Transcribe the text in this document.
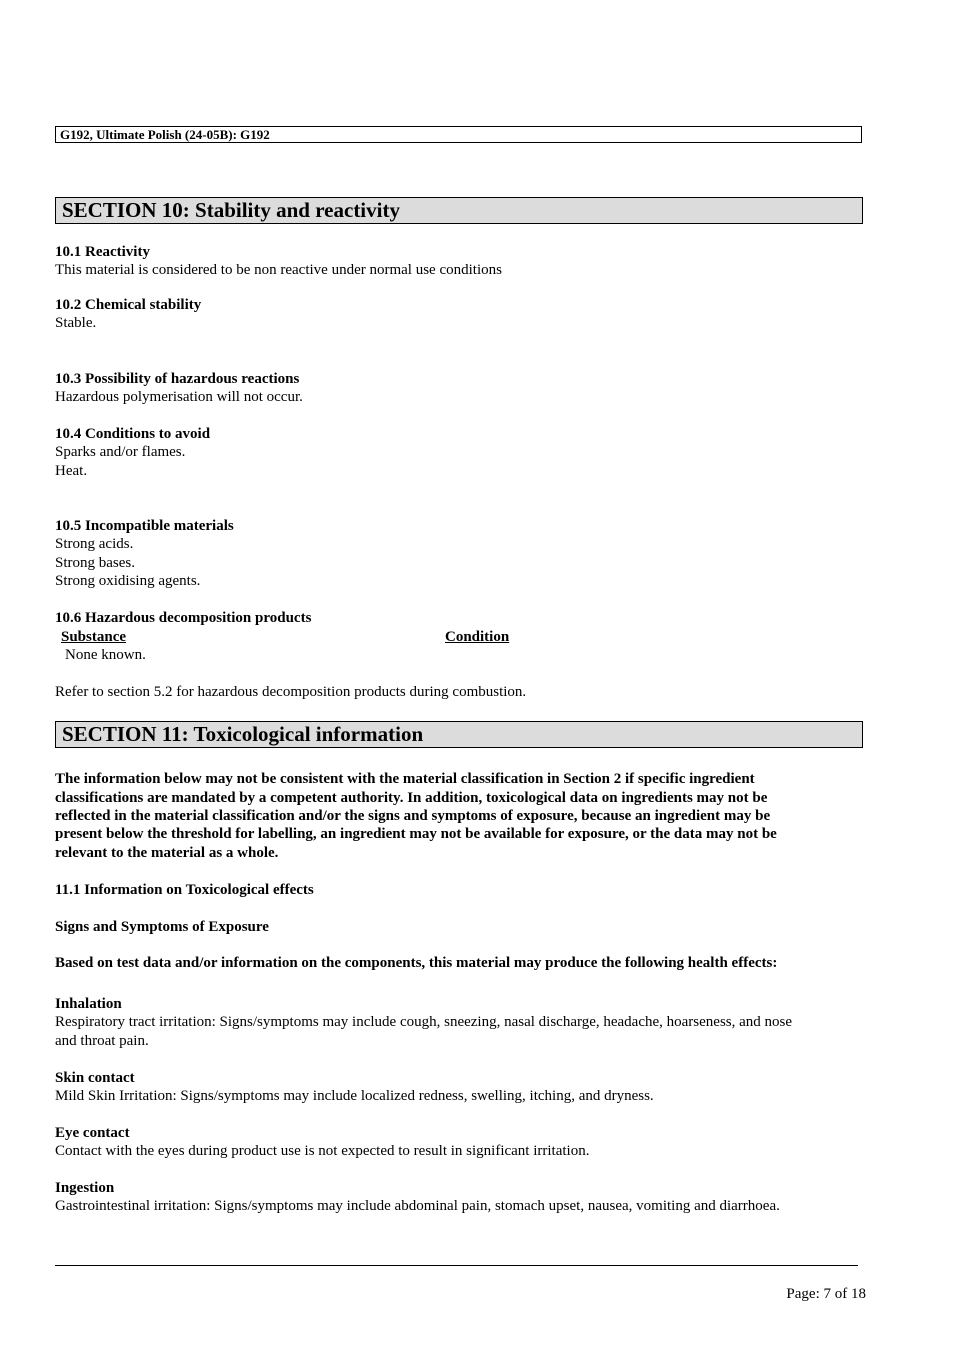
G192, Ultimate Polish (24-05B): G192
SECTION 10: Stability and reactivity
10.1 Reactivity
This material is considered to be non reactive under normal use conditions
10.2 Chemical stability
Stable.
10.3 Possibility of hazardous reactions
Hazardous polymerisation will not occur.
10.4 Conditions to avoid
Sparks and/or flames.
Heat.
10.5 Incompatible materials
Strong acids.
Strong bases.
Strong oxidising agents.
10.6 Hazardous decomposition products
Substance	Condition
None known.
Refer to section 5.2 for hazardous decomposition products during combustion.
SECTION 11: Toxicological information
The information below may not be consistent with the material classification in Section 2 if specific ingredient
classifications are mandated by a competent authority. In addition, toxicological data on ingredients may not be
reflected in the material classification and/or the signs and symptoms of exposure, because an ingredient may be
present below the threshold for labelling, an ingredient may not be available for exposure, or the data may not be
relevant to the material as a whole.
11.1 Information on Toxicological effects
Signs and Symptoms of Exposure
Based on test data and/or information on the components, this material may produce the following health effects:
Inhalation
Respiratory tract irritation: Signs/symptoms may include cough, sneezing, nasal discharge, headache, hoarseness, and nose
and throat pain.
Skin contact
Mild Skin Irritation: Signs/symptoms may include localized redness, swelling, itching, and dryness.
Eye contact
Contact with the eyes during product use is not expected to result in significant irritation.
Ingestion
Gastrointestinal irritation: Signs/symptoms may include abdominal pain, stomach upset, nausea, vomiting and diarrhoea.
Page: 7 of 18
